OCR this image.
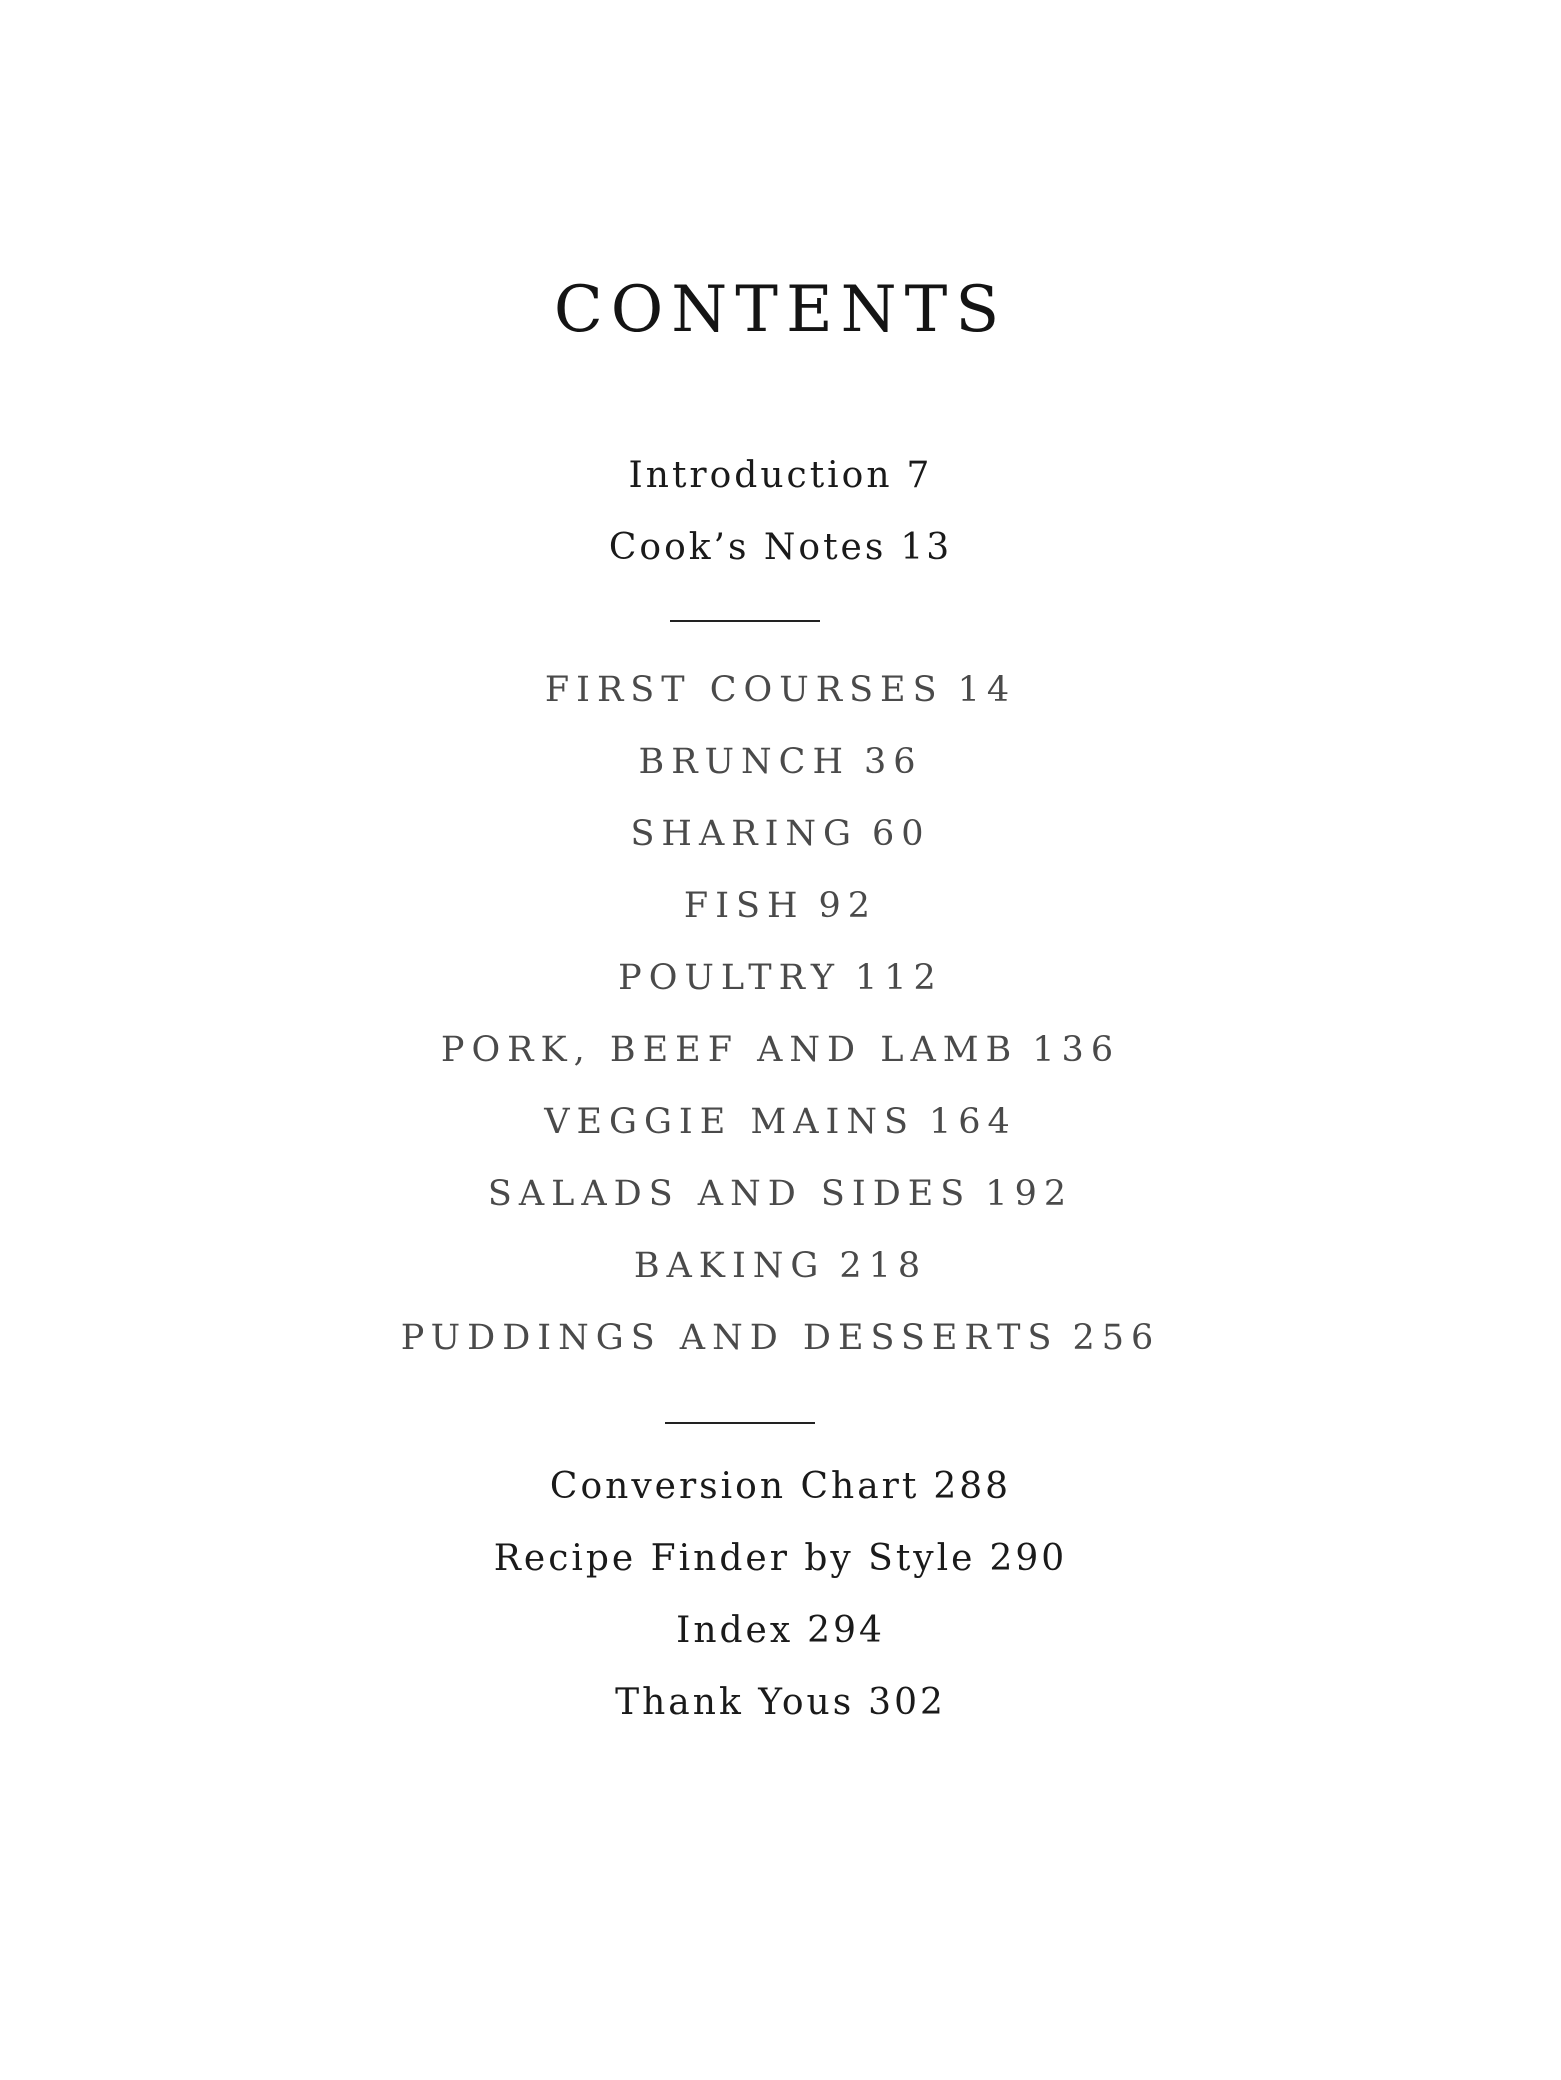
CONTENTS
Introduction 7
Cook’s Notes 13
FIRST COURSES 14
BRUNCH 36
SHARING 60
FISH 92
POULTRY 112
PORK, BEEF AND LAMB 136
VEGGIE MAINS 164
SALADS AND SIDES 192
BAKING 218
PUDDINGS AND DESSERTS 256
Conversion Chart 288
Recipe Finder by Style 290
Index 294
Thank Yous 302
